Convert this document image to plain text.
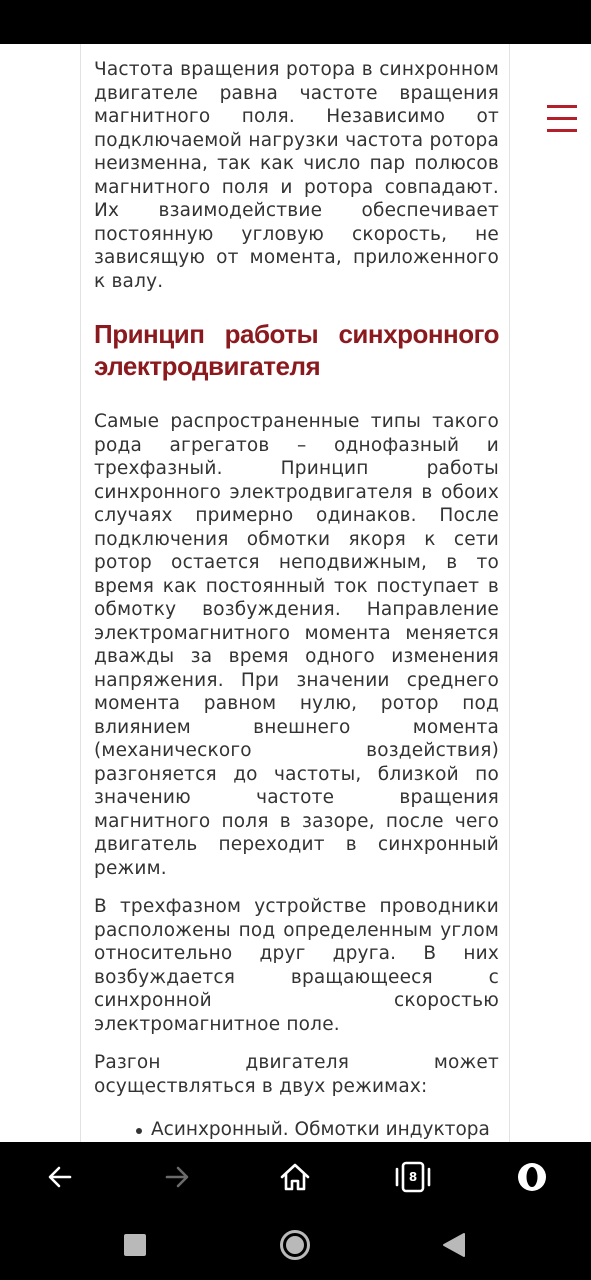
Частота вращения ротора в синхронном двигателе равна частоте вращения магнитного поля. Независимо от подключаемой нагрузки частота ротора неизменна, так как число пар полюсов магнитного поля и ротора совпадают. Их взаимодействие обеспечивает постоянную угловую скорость, не зависящую от момента, приложенного к валу.

Принцип работы синхронного электродвигателя

Самые распространенные типы такого рода агрегатов – однофазный и трехфазный. Принцип работы синхронного электродвигателя в обоих случаях примерно одинаков. После подключения обмотки якоря к сети ротор остается неподвижным, в то время как постоянный ток поступает в обмотку возбуждения. Направление электромагнитного момента меняется дважды за время одного изменения напряжения. При значении среднего момента равном нулю, ротор под влиянием внешнего момента (механического воздействия) разгоняется до частоты, близкой по значению частоте вращения магнитного поля в зазоре, после чего двигатель переходит в синхронный режим.

В трехфазном устройстве проводники расположены под определенным углом относительно друг друга. В них возбуждается вращающееся с синхронной скоростью электромагнитное поле.

Разгон двигателя может осуществляться в двух режимах:

Асинхронный. Обмотки индуктора
8
